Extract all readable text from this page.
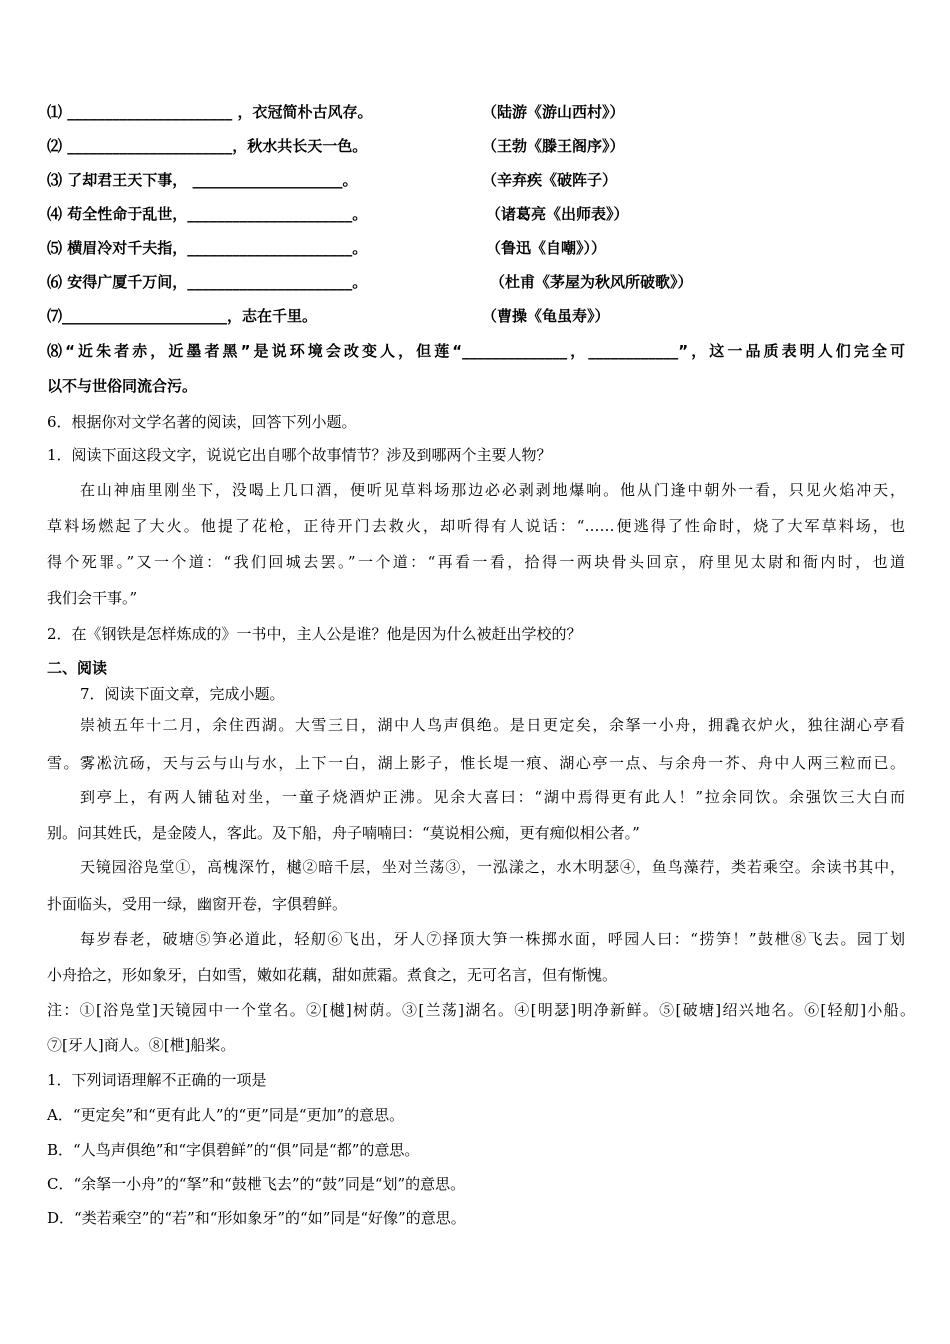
⑴ ______________________ ，衣冠简朴古风存。	（陆游《游山西村》）
⑵ ______________________，秋水共长天一色。	（王勃《滕王阁序》）
⑶ 了却君王天下事， ____________________。	（辛弃疾《破阵子）
⑷ 苟全性命于乱世，______________________。	（诸葛亮《出师表》）
⑸ 横眉冷对千夫指，______________________。	（鲁迅《自嘲》））
⑹ 安得广厦千万间，______________________。	（杜甫《茅屋为秋风所破歌》）
⑺______________________，志在千里。	（曹操《龟虽寿》）
⑻“近朱者赤，近墨者黑”是说环境会改变人，但莲“______________，____________”，这一品质表明人们完全可
以不与世俗同流合污。
6．根据你对文学名著的阅读，回答下列小题。
1．阅读下面这段文字，说说它出自哪个故事情节？涉及到哪两个主要人物？
在山神庙里刚坐下，没喝上几口酒，便听见草料场那边必必剥剥地爆响。他从门逢中朝外一看，只见火焰冲天，
草料场燃起了大火。他提了花枪，正待开门去救火，却听得有人说话：“……便逃得了性命时，烧了大军草料场，也
得个死罪。”又一个道：“我们回城去罢。”一个道：“再看一看，拾得一两块骨头回京，府里见太尉和衙内时，也道
我们会干事。”
2．在《钢铁是怎样炼成的》一书中，主人公是谁？他是因为什么被赶出学校的？
二、阅读
7．阅读下面文章，完成小题。
崇祯五年十二月，余住西湖。大雪三日，湖中人鸟声俱绝。是日更定矣，余拏一小舟，拥毳衣炉火，独往湖心亭看
雪。雾凇沆砀，天与云与山与水，上下一白，湖上影子，惟长堤一痕、湖心亭一点、与余舟一芥、舟中人两三粒而已。
到亭上，有两人铺毡对坐，一童子烧酒炉正沸。见余大喜曰：“湖中焉得更有此人！”拉余同饮。余强饮三大白而
别。问其姓氏，是金陵人，客此。及下船，舟子喃喃曰：“莫说相公痴，更有痴似相公者。”
天镜园浴凫堂①，高槐深竹，樾②暗千层，坐对兰荡③，一泓漾之，水木明瑟④，鱼鸟藻荇，类若乘空。余读书其中，
扑面临头，受用一绿，幽窗开卷，字俱碧鲜。
每岁春老，破塘⑤笋必道此，轻舠⑥飞出，牙人⑦择顶大笋一株掷水面，呼园人曰：“捞笋！”鼓枻⑧飞去。园丁划
小舟拾之，形如象牙，白如雪，嫩如花藕，甜如蔗霜。煮食之，无可名言，但有惭愧。
注：①[浴凫堂]天镜园中一个堂名。②[樾]树荫。③[兰荡]湖名。④[明瑟]明净新鲜。⑤[破塘]绍兴地名。⑥[轻舠]小船。
⑦[牙人]商人。⑧[枻]船桨。
1．下列词语理解不正确的一项是
A．“更定矣”和“更有此人”的“更”同是“更加”的意思。
B．“人鸟声俱绝”和“字俱碧鲜”的“俱”同是“都”的意思。
C．“余拏一小舟”的“拏”和“鼓枻飞去”的“鼓”同是“划”的意思。
D．“类若乘空”的“若”和“形如象牙”的“如”同是“好像”的意思。
